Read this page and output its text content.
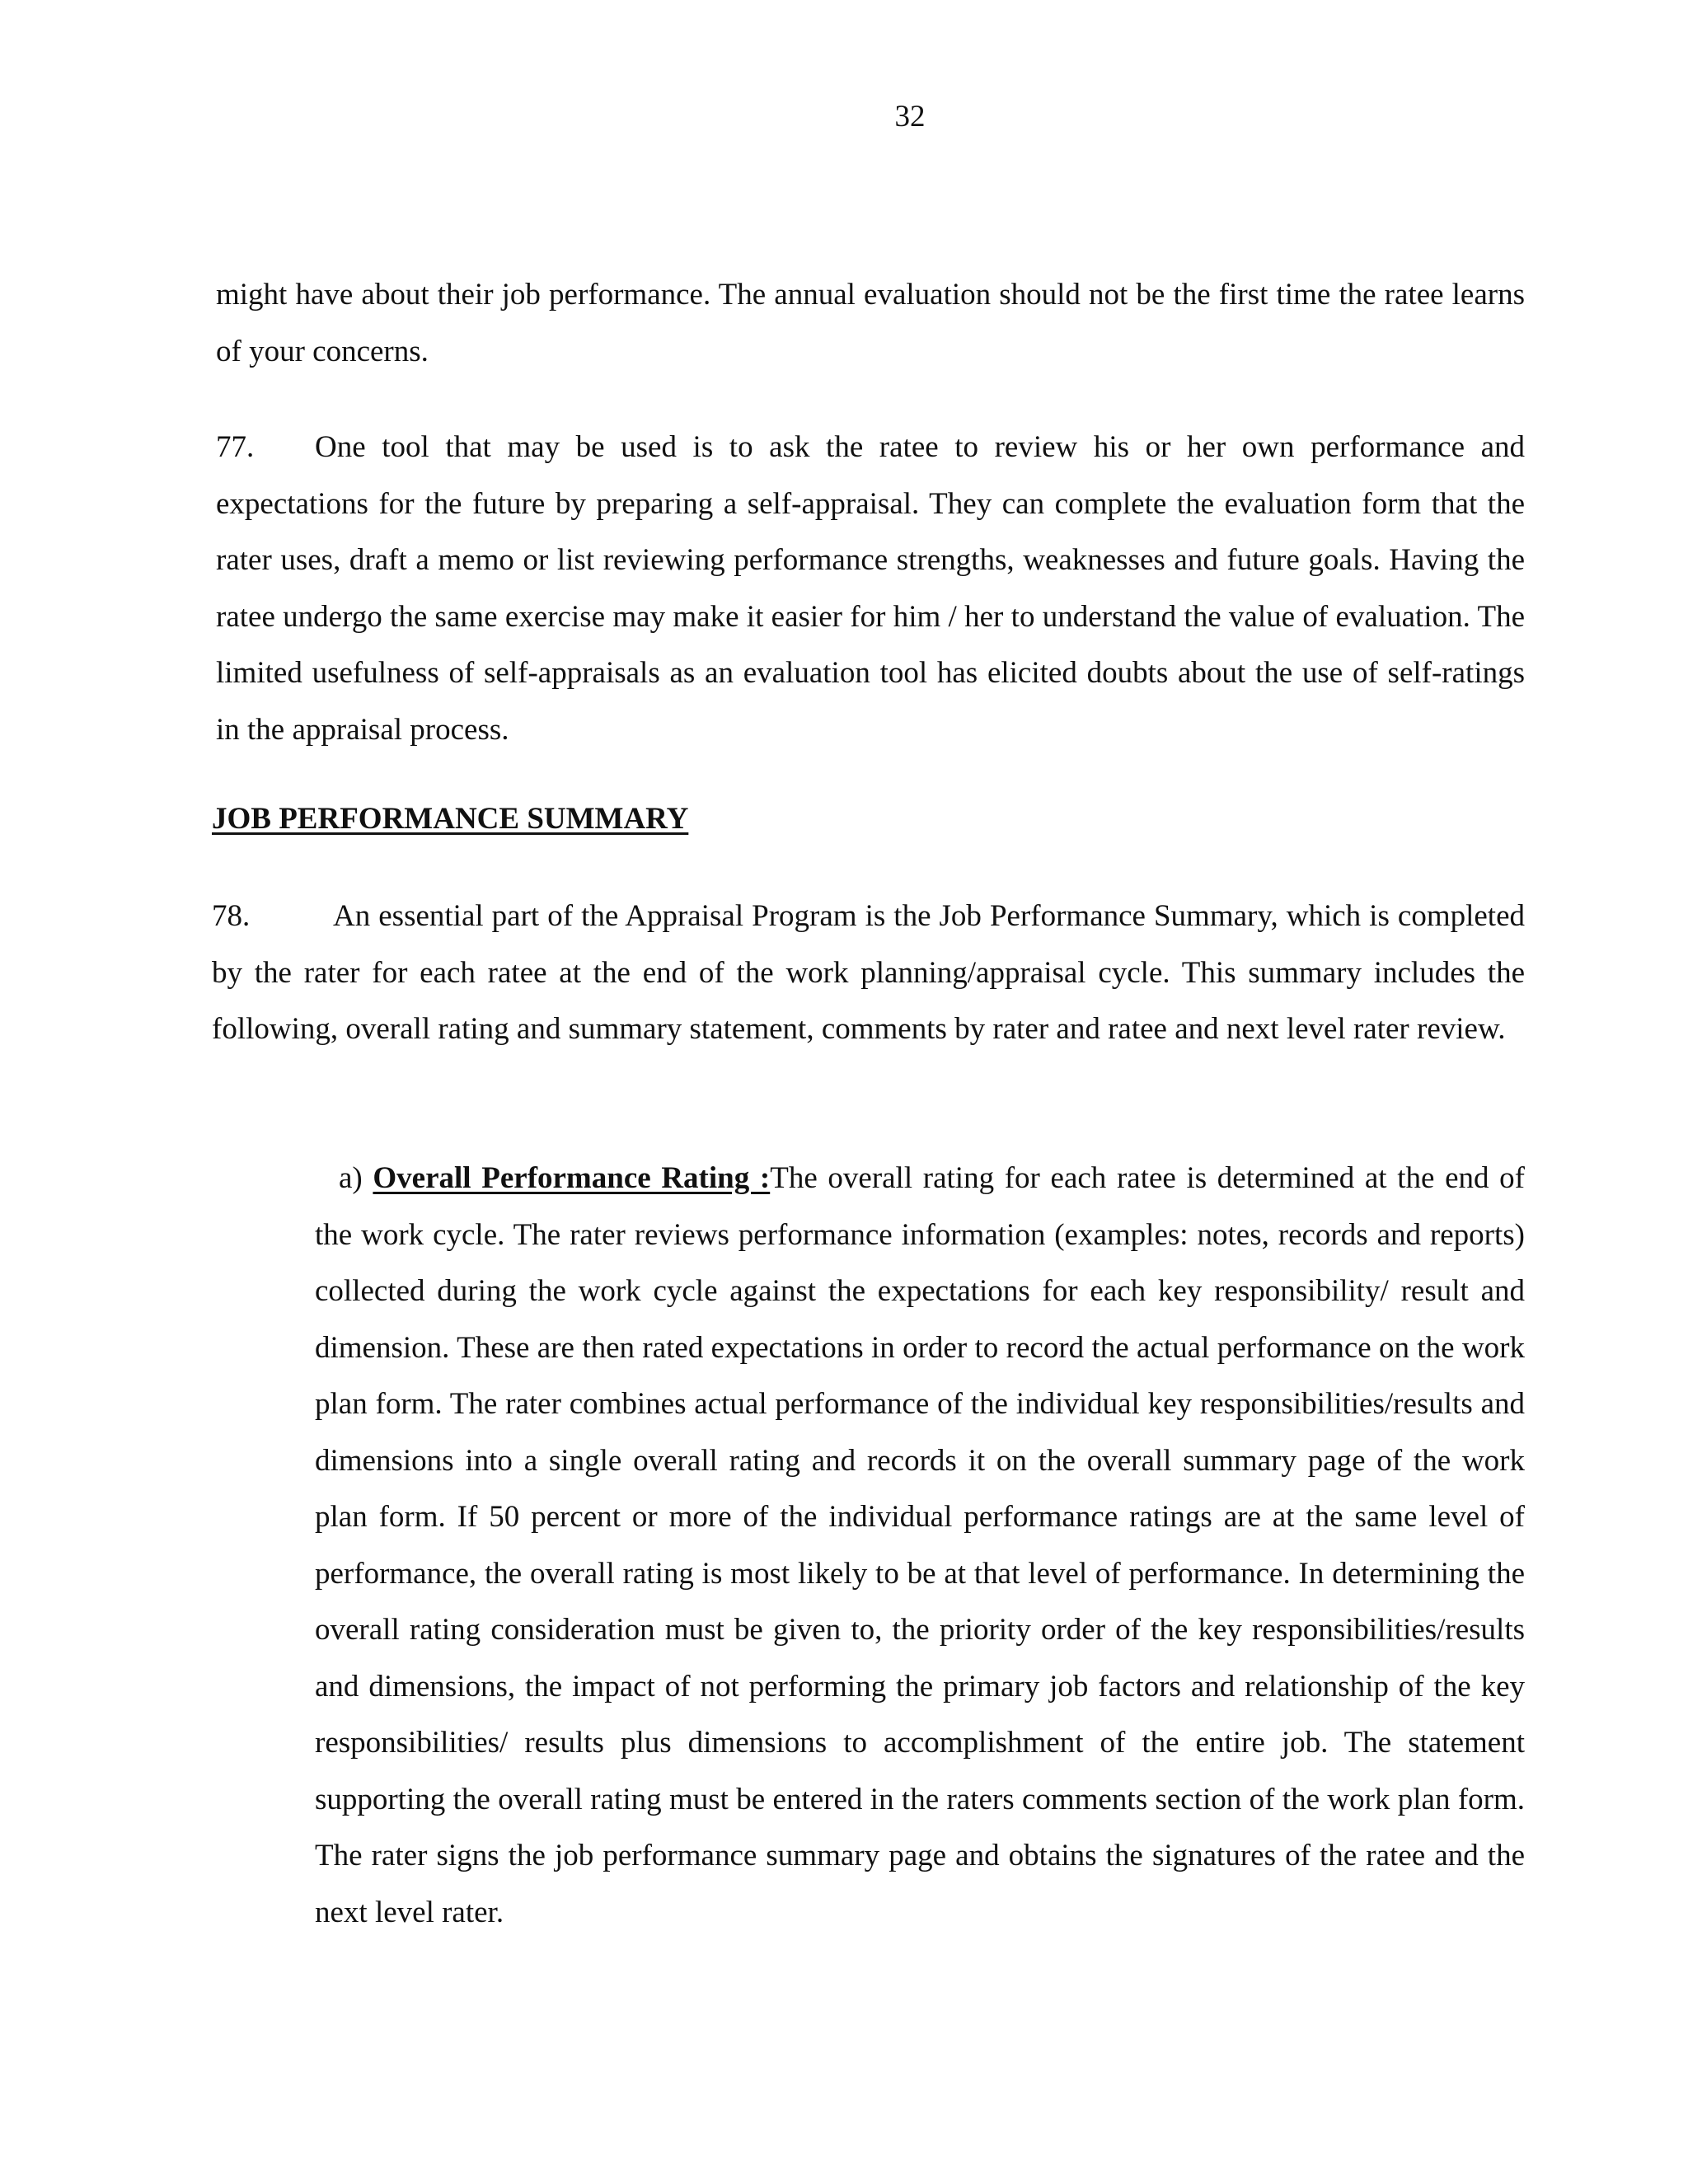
32

might have about their job performance. The annual evaluation should not be the first time the ratee learns of your concerns.

77. One tool that may be used is to ask the ratee to review his or her own performance and expectations for the future by preparing a self-appraisal. They can complete the evaluation form that the rater uses, draft a memo or list reviewing performance strengths, weaknesses and future goals. Having the ratee undergo the same exercise may make it easier for him / her to understand the value of evaluation. The limited usefulness of self-appraisals as an evaluation tool has elicited doubts about the use of self-ratings in the appraisal process.

JOB PERFORMANCE SUMMARY

78.	An essential part of the Appraisal Program is the Job Performance Summary, which is completed by the rater for each ratee at the end of the work planning/appraisal cycle. This summary includes the following, overall rating and summary statement, comments by rater and ratee and next level rater review.

a) Overall Performance Rating :The overall rating for each ratee is determined at the end of the work cycle. The rater reviews performance information (examples: notes, records and reports) collected during the work cycle against the expectations for each key responsibility/ result and dimension. These are then rated expectations in order to record the actual performance on the work plan form. The rater combines actual performance of the individual key responsibilities/results and dimensions into a single overall rating and records it on the overall summary page of the work plan form. If 50 percent or more of the individual performance ratings are at the same level of performance, the overall rating is most likely to be at that level of performance. In determining the overall rating consideration must be given to, the priority order of the key responsibilities/results and dimensions, the impact of not performing the primary job factors and relationship of the key responsibilities/ results plus dimensions to accomplishment of the entire job. The statement supporting the overall rating must be entered in the raters comments section of the work plan form. The rater signs the job performance summary page and obtains the signatures of the ratee and the next level rater.
